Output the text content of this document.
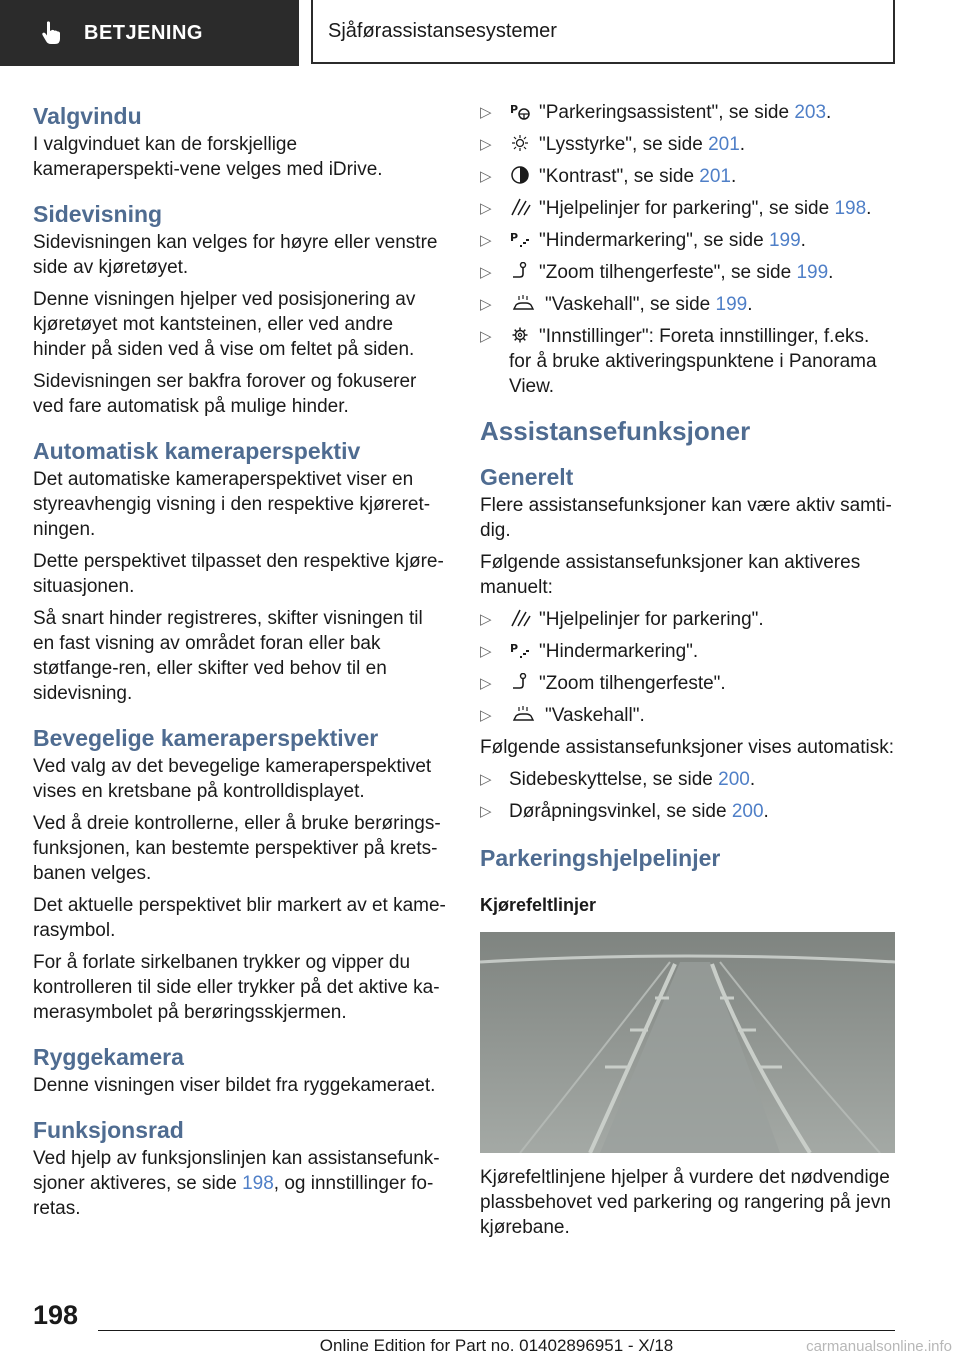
BETJENING	Sjåførassistansesystemer
Valgvindu

I valgvinduet kan de forskjellige kameraperspekti-vene velges med iDrive.

Sidevisning

Sidevisningen kan velges for høyre eller venstre side av kjøretøyet.

Denne visningen hjelper ved posisjonering av kjøretøyet mot kantsteinen, eller ved andre hinder på siden ved å vise om feltet på siden.

Sidevisningen ser bakfra forover og fokuserer ved fare automatisk på mulige hinder.

Automatisk kameraperspektiv

Det automatiske kameraperspektivet viser en styreavhengig visning i den respektive kjøreret-ningen.

Dette perspektivet tilpasset den respektive kjøre-situasjonen.

Så snart hinder registreres, skifter visningen til en fast visning av området foran eller bak støtfange-ren, eller skifter ved behov til en sidevisning.

Bevegelige kameraperspektiver

Ved valg av det bevegelige kameraperspektivet vises en kretsbane på kontrolldisplayet.

Ved å dreie kontrollerne, eller å bruke berørings-funksjonen, kan bestemte perspektiver på krets-banen velges.

Det aktuelle perspektivet blir markert av et kame-rasymbol.

For å forlate sirkelbanen trykker og vipper du kontrolleren til side eller trykker på det aktive ka-merasymbolet på berøringsskjermen.

Ryggekamera

Denne visningen viser bildet fra ryggekameraet.

Funksjonsrad

Ved hjelp av funksjonslinjen kan assistansefunk-sjoner aktiveres, se side 198, og innstillinger fo-retas.

▷ "Parkeringsassistent", se side 203.
▷ "Lysstyrke", se side 201.
▷ "Kontrast", se side 201.
▷ "Hjelpelinjer for parkering", se side 198.
▷ "Hindermarkering", se side 199.
▷ "Zoom tilhengerfeste", se side 199.
▷	"Vaskehall", se side 199.
▷ "Innstillinger": Foreta innstillinger, f.eks. for å bruke aktiveringspunktene i Panorama View.
Assistansefunksjoner
Generelt

Flere assistansefunksjoner kan være aktiv samti-dig.

Følgende assistansefunksjoner kan aktiveres manuelt:

▷ "Hjelpelinjer for parkering".
▷ "Hindermarkering".
▷ "Zoom tilhengerfeste".
▷	"Vaskehall".

Følgende assistansefunksjoner vises automatisk:

▷ Sidebeskyttelse, se side 200.
▷ Døråpningsvinkel, se side 200.
Parkeringshjelpelinjer
Kjørefeltlinjer

Kjørefeltlinjene hjelper å vurdere det nødvendige plassbehovet ved parkering og rangering på jevn kjørebane.

198
Online Edition for Part no. 01402896951 - X/18	carmanualsonline.info
